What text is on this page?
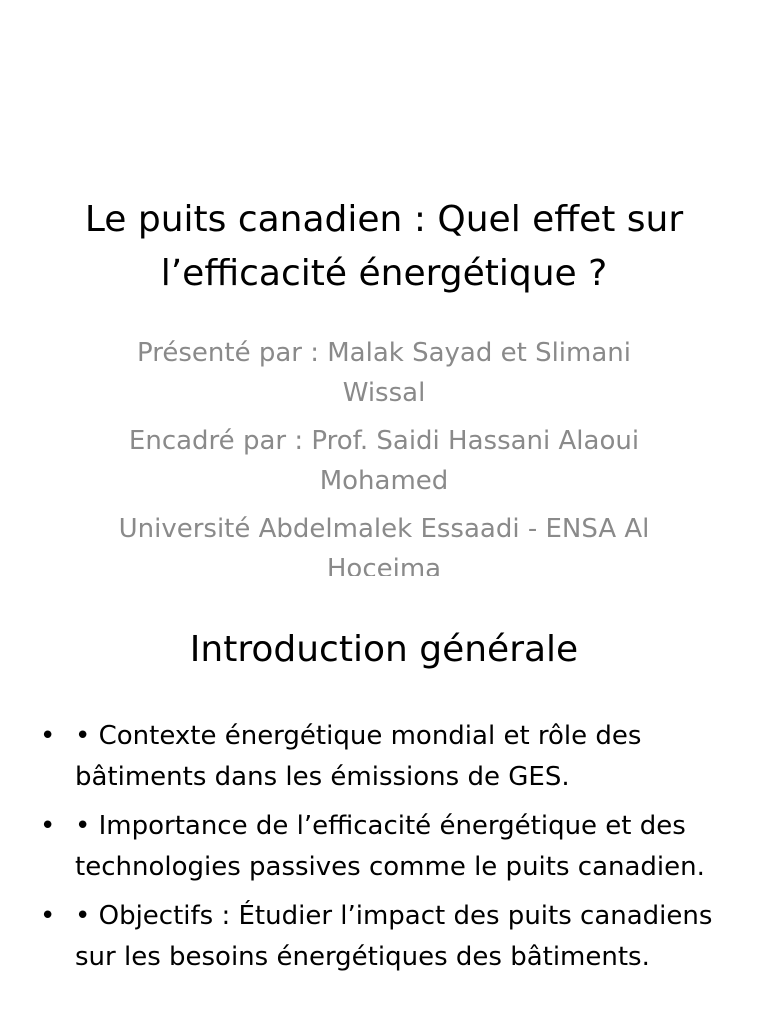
Le puits canadien : Quel effet sur l’efficacité énergétique ?

Présenté par : Malak Sayad et Slimani Wissal

Encadré par : Prof. Saidi Hassani Alaoui Mohamed

Université Abdelmalek Essaadi - ENSA Al Hoceima

Introduction générale
• • Contexte énergétique mondial et rôle des bâtiments dans les émissions de GES.
• • Importance de l’efficacité énergétique et des technologies passives comme le puits canadien.
• • Objectifs : Étudier l’impact des puits canadiens sur les besoins énergétiques des bâtiments.
